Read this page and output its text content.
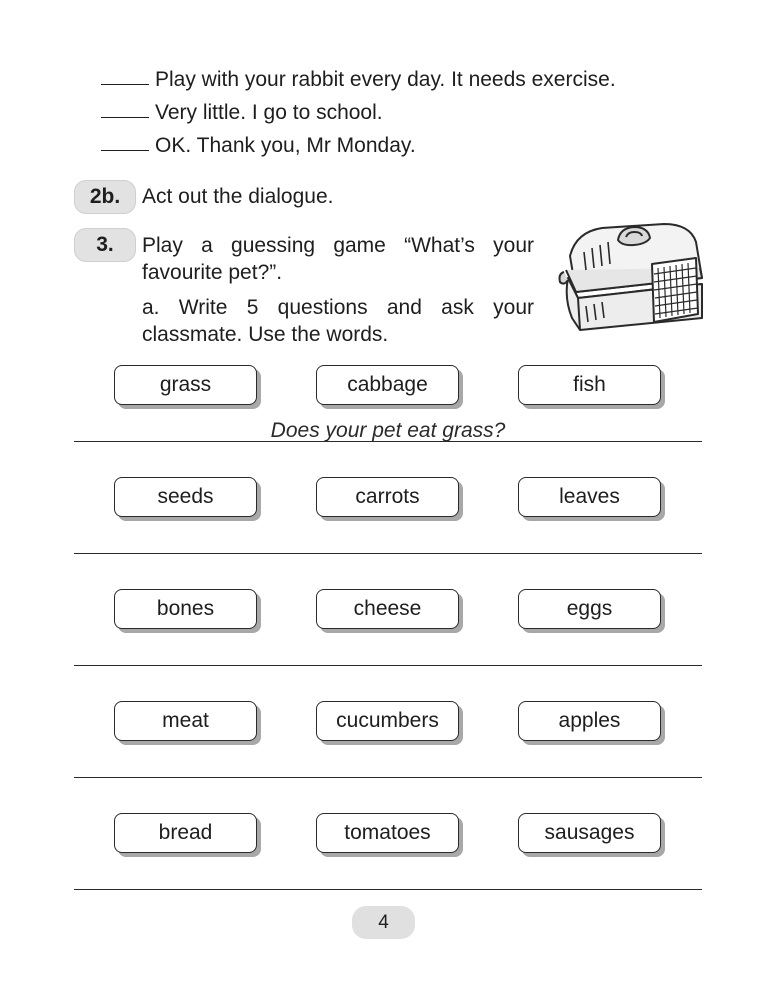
Play with your rabbit every day. It needs exercise.
Very little. I go to school.
OK. Thank you, Mr Monday.
2b.	Act out the dialogue.
3.	Play a guessing game “What’s your
favourite pet?”.
a. Write 5 questions and ask your
classmate. Use the words.
grass	cabbage	fish
Does your pet eat grass?
seeds	carrots	leaves
bones	cheese	eggs
meat	cucumbers	apples
bread	tomatoes	sausages
4
